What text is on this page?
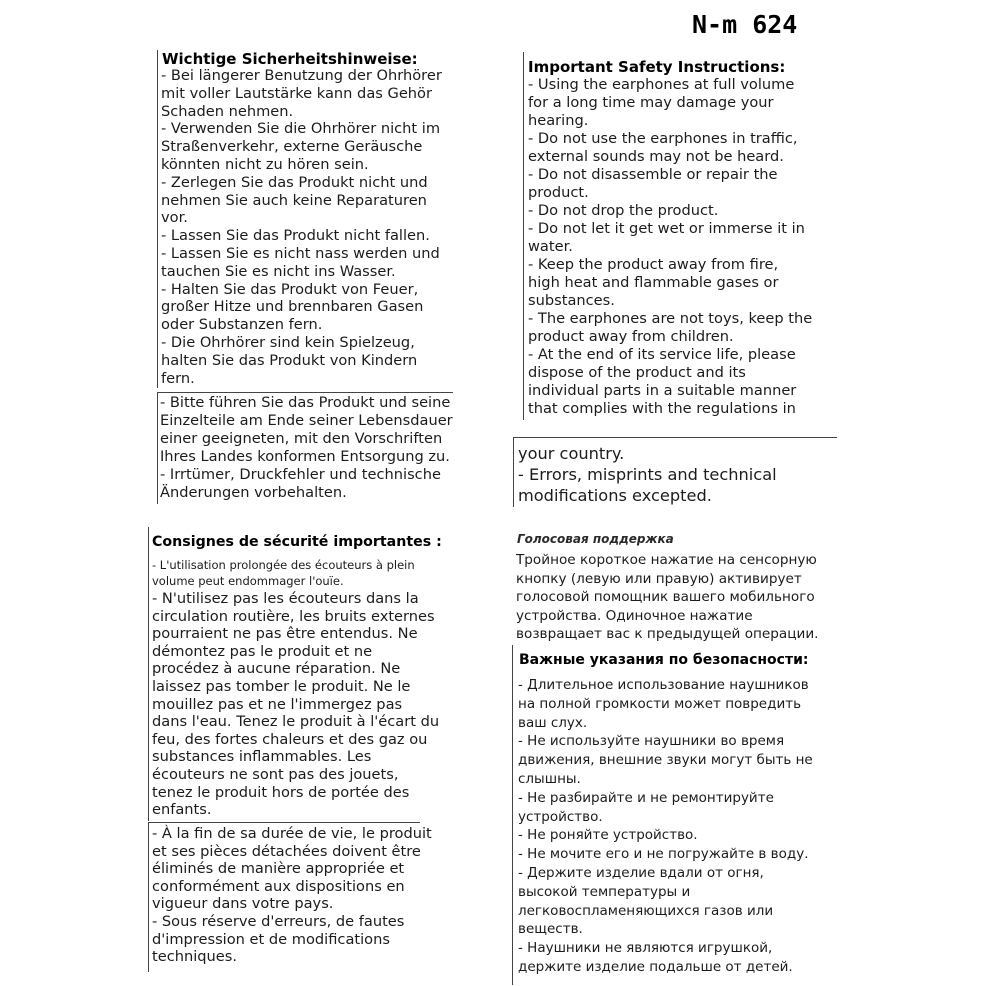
N-m 624
Wichtige Sicherheitshinweise:
- Bei längerer Benutzung der Ohrhörer
mit voller Lautstärke kann das Gehör
Schaden nehmen.
- Verwenden Sie die Ohrhörer nicht im
Straßenverkehr, externe Geräusche
könnten nicht zu hören sein.
- Zerlegen Sie das Produkt nicht und
nehmen Sie auch keine Reparaturen
vor.
- Lassen Sie das Produkt nicht fallen.
- Lassen Sie es nicht nass werden und
tauchen Sie es nicht ins Wasser.
- Halten Sie das Produkt von Feuer,
großer Hitze und brennbaren Gasen
oder Substanzen fern.
- Die Ohrhörer sind kein Spielzeug,
halten Sie das Produkt von Kindern
fern.
- Bitte führen Sie das Produkt und seine
Einzelteile am Ende seiner Lebensdauer
einer geeigneten, mit den Vorschriften
Ihres Landes konformen Entsorgung zu.
- Irrtümer, Druckfehler und technische
Änderungen vorbehalten.
Important Safety Instructions:
- Using the earphones at full volume
for a long time may damage your
hearing.
- Do not use the earphones in traffic,
external sounds may not be heard.
- Do not disassemble or repair the
product.
- Do not drop the product.
- Do not let it get wet or immerse it in
water.
- Keep the product away from fire,
high heat and flammable gases or
substances.
- The earphones are not toys, keep the
product away from children.
- At the end of its service life, please
dispose of the product and its
individual parts in a suitable manner
that complies with the regulations in
your country.
- Errors, misprints and technical
modifications excepted.
Consignes de sécurité importantes :
- L'utilisation prolongée des écouteurs à plein
volume peut endommager l'ouïe.
- N'utilisez pas les écouteurs dans la
circulation routière, les bruits externes
pourraient ne pas être entendus. Ne
démontez pas le produit et ne
procédez à aucune réparation. Ne
laissez pas tomber le produit. Ne le
mouillez pas et ne l'immergez pas
dans l'eau. Tenez le produit à l'écart du
feu, des fortes chaleurs et des gaz ou
substances inflammables. Les
écouteurs ne sont pas des jouets,
tenez le produit hors de portée des
enfants.
- À la fin de sa durée de vie, le produit
et ses pièces détachées doivent être
éliminés de manière appropriée et
conformément aux dispositions en
vigueur dans votre pays.
- Sous réserve d'erreurs, de fautes
d'impression et de modifications
techniques.
Голосовая поддержка
Тройное короткое нажатие на сенсорную
кнопку (левую или правую) активирует
голосовой помощник вашего мобильного
устройства. Одиночное нажатие
возвращает вас к предыдущей операции.
Важные указания по безопасности:
- Длительное использование наушников
на полной громкости может повредить
ваш слух.
- Не используйте наушники во время
движения, внешние звуки могут быть не
слышны.
- Не разбирайте и не ремонтируйте
устройство.
- Не роняйте устройство.
- Не мочите его и не погружайте в воду.
- Держите изделие вдали от огня,
высокой температуры и
легковоспламеняющихся газов или
веществ.
- Наушники не являются игрушкой,
держите изделие подальше от детей.
